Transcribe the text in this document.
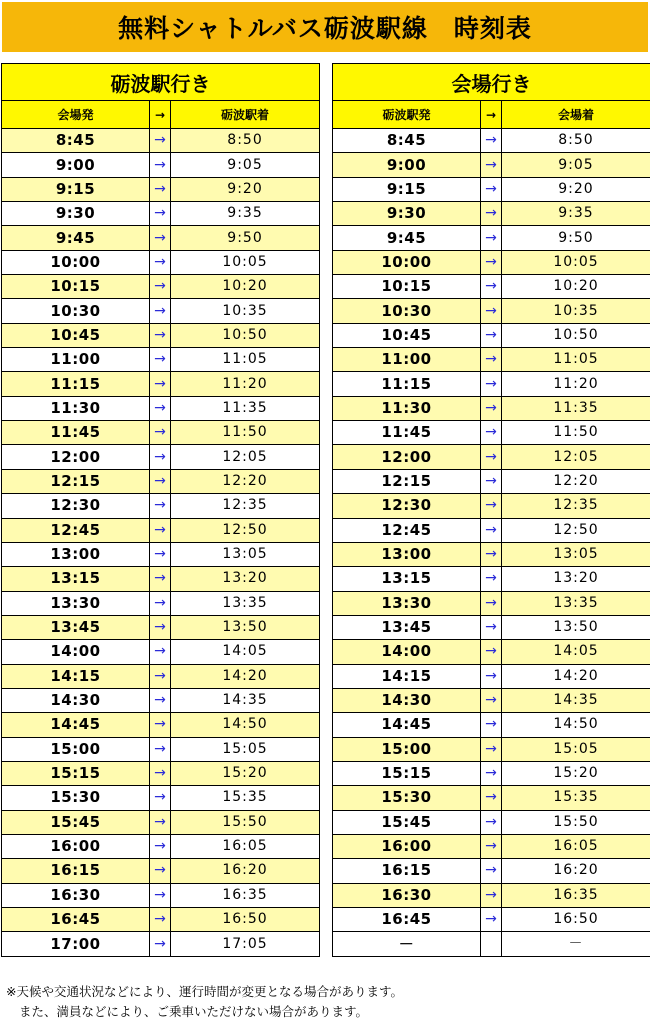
無料シャトルバス砺波駅線　時刻表
砺波駅行き		
会場発	→	砺波駅着
8:45	→	8:50
9:00	→	9:05
9:15	→	9:20
9:30	→	9:35
9:45	→	9:50
10:00	→	10:05
10:15	→	10:20
10:30	→	10:35
10:45	→	10:50
11:00	→	11:05
11:15	→	11:20
11:30	→	11:35
11:45	→	11:50
12:00	→	12:05
12:15	→	12:20
12:30	→	12:35
12:45	→	12:50
13:00	→	13:05
13:15	→	13:20
13:30	→	13:35
13:45	→	13:50
14:00	→	14:05
14:15	→	14:20
14:30	→	14:35
14:45	→	14:50
15:00	→	15:05
15:15	→	15:20
15:30	→	15:35
15:45	→	15:50
16:00	→	16:05
16:15	→	16:20
16:30	→	16:35
16:45	→	16:50
17:00	→	17:05
会場行き		
砺波駅発	→	会場着
8:45	→	8:50
9:00	→	9:05
9:15	→	9:20
9:30	→	9:35
9:45	→	9:50
10:00	→	10:05
10:15	→	10:20
10:30	→	10:35
10:45	→	10:50
11:00	→	11:05
11:15	→	11:20
11:30	→	11:35
11:45	→	11:50
12:00	→	12:05
12:15	→	12:20
12:30	→	12:35
12:45	→	12:50
13:00	→	13:05
13:15	→	13:20
13:30	→	13:35
13:45	→	13:50
14:00	→	14:05
14:15	→	14:20
14:30	→	14:35
14:45	→	14:50
15:00	→	15:05
15:15	→	15:20
15:30	→	15:35
15:45	→	15:50
16:00	→	16:05
16:15	→	16:20
16:30	→	16:35
16:45	→	16:50
－		－
※天候や交通状況などにより、運行時間が変更となる場合があります。
また、満員などにより、ご乗車いただけない場合があります。
